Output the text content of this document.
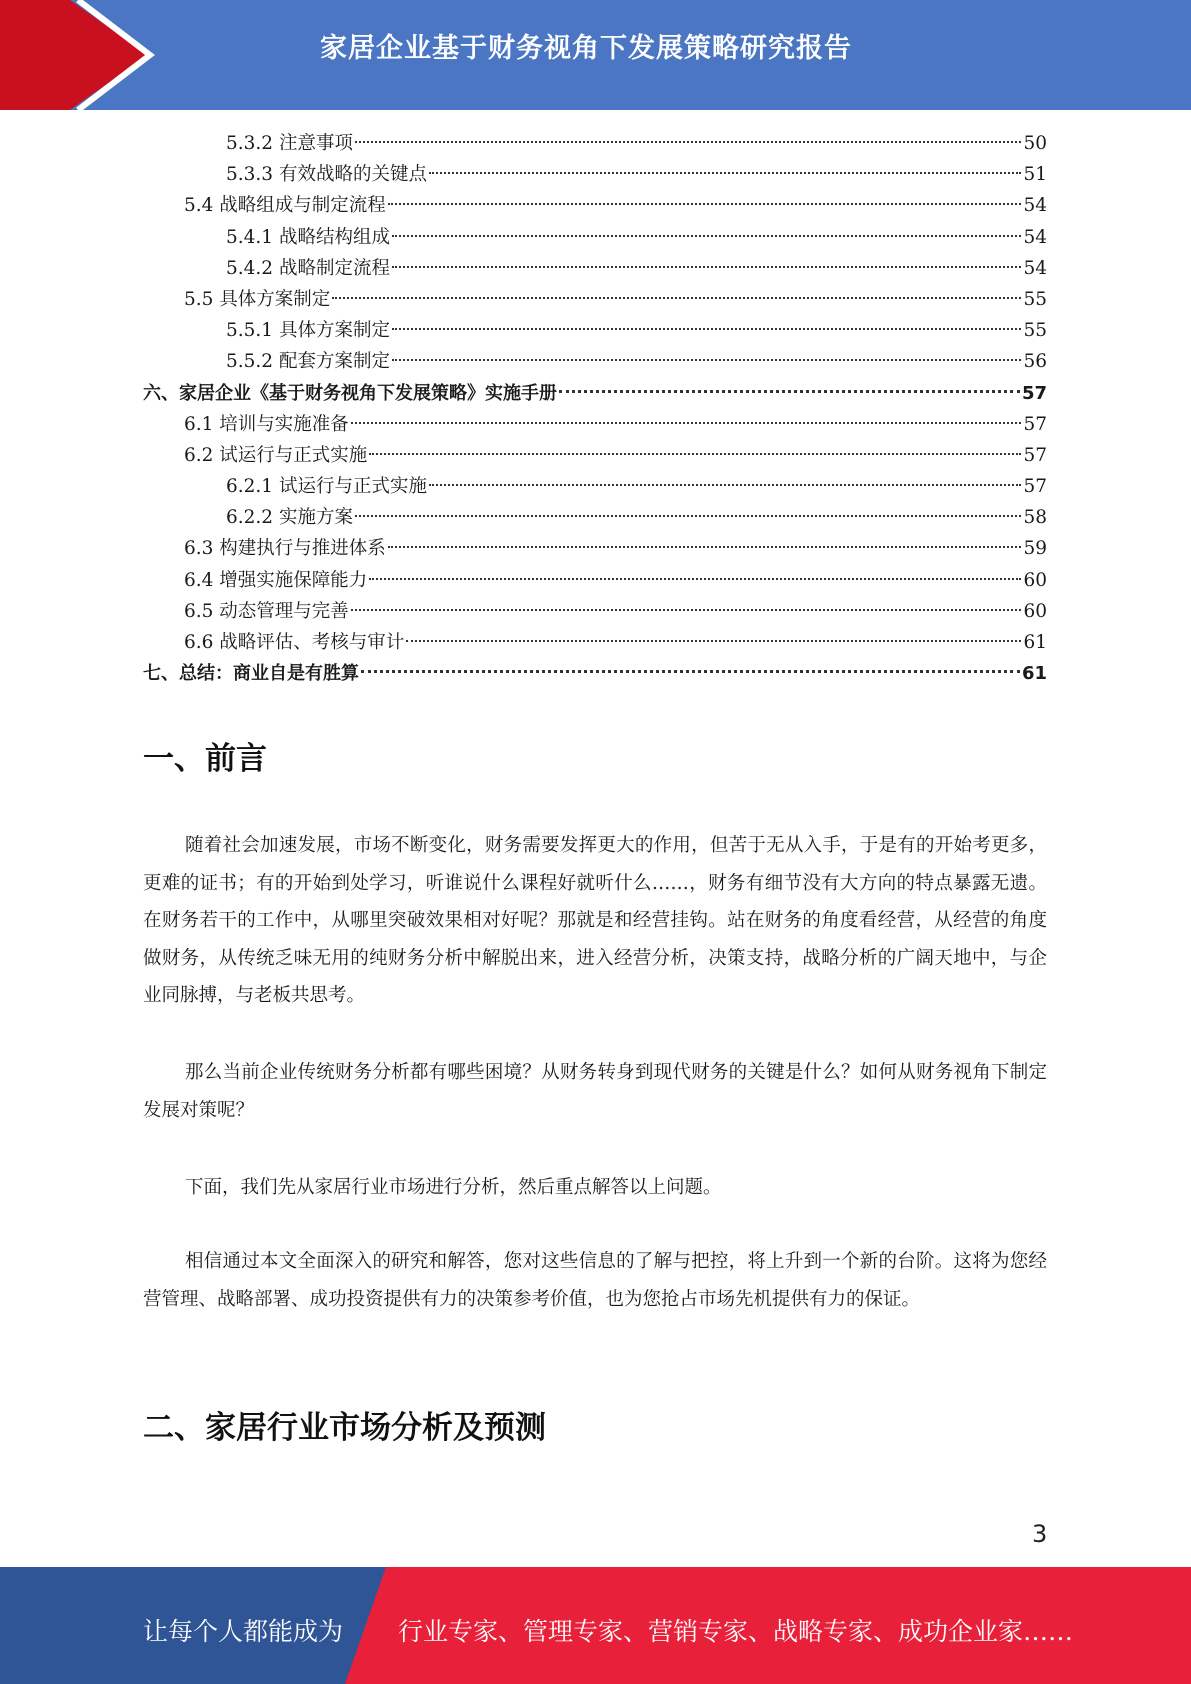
家居企业基于财务视角下发展策略研究报告
5.3.2 注意事项	50
5.3.3 有效战略的关键点	51
5.4 战略组成与制定流程	54
5.4.1 战略结构组成	54
5.4.2 战略制定流程	54
5.5 具体方案制定	55
5.5.1 具体方案制定	55
5.5.2 配套方案制定	56
六、家居企业《基于财务视角下发展策略》实施手册	57
6.1 培训与实施准备	57
6.2 试运行与正式实施	57
6.2.1 试运行与正式实施	57
6.2.2 实施方案	58
6.3 构建执行与推进体系	59
6.4 增强实施保障能力	60
6.5 动态管理与完善	60
6.6 战略评估、考核与审计	61
七、总结：商业自是有胜算	61
一、前言
随着社会加速发展，市场不断变化，财务需要发挥更大的作用，但苦于无从入手，于是有的开始考更多，更难的证书；有的开始到处学习，听谁说什么课程好就听什么……，财务有细节没有大方向的特点暴露无遗。在财务若干的工作中，从哪里突破效果相对好呢？那就是和经营挂钩。站在财务的角度看经营，从经营的角度做财务，从传统乏味无用的纯财务分析中解脱出来，进入经营分析，决策支持，战略分析的广阔天地中，与企业同脉搏，与老板共思考。
那么当前企业传统财务分析都有哪些困境？从财务转身到现代财务的关键是什么？如何从财务视角下制定发展对策呢？
下面，我们先从家居行业市场进行分析，然后重点解答以上问题。
相信通过本文全面深入的研究和解答，您对这些信息的了解与把控，将上升到一个新的台阶。这将为您经营管理、战略部署、成功投资提供有力的决策参考价值，也为您抢占市场先机提供有力的保证。
二、家居行业市场分析及预测
3
让每个人都能成为 行业专家、管理专家、营销专家、战略专家、成功企业家……
